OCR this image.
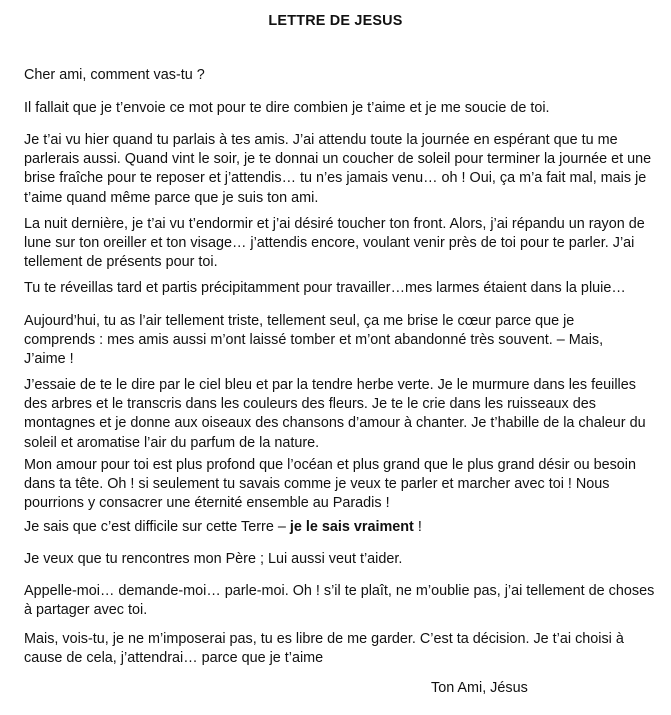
LETTRE DE JESUS

Cher ami, comment vas-tu ?

Il fallait que je t’envoie ce mot pour te dire combien je t’aime et je me soucie de toi.

Je t’ai vu hier quand tu parlais à tes amis. J’ai attendu toute la journée en espérant que tu me
parlerais aussi. Quand vint le soir, je te donnai un coucher de soleil pour terminer la journée et une
brise fraîche pour te reposer et j’attendis… tu n’es jamais venu… oh ! Oui, ça m’a fait mal, mais je
t’aime quand même parce que je suis ton ami.
La nuit dernière, je t’ai vu t’endormir et j’ai désiré toucher ton front. Alors, j’ai répandu un rayon de
lune sur ton oreiller et ton visage… j’attendis encore, voulant venir près de toi pour te parler. J’ai
tellement de présents pour toi.

Tu te réveillas tard et partis précipitamment pour travailler…mes larmes étaient dans la pluie…

Aujourd’hui, tu as l’air tellement triste, tellement seul, ça me brise le cœur parce que je
comprends : mes amis aussi m’ont laissé tomber et m’ont abandonné très souvent. – Mais,
J’aime !
J’essaie de te le dire par le ciel bleu et par la tendre herbe verte. Je le murmure dans les feuilles
des arbres et le transcris dans les couleurs des fleurs. Je te le crie dans les ruisseaux des
montagnes et je donne aux oiseaux des chansons d’amour à chanter. Je t’habille de la chaleur du
soleil et aromatise l’air du parfum de la nature.
Mon amour pour toi est plus profond que l’océan et plus grand que le plus grand désir ou besoin
dans ta tête. Oh ! si seulement tu savais comme je veux te parler et marcher avec toi ! Nous
pourrions y consacrer une éternité ensemble au Paradis !

Je sais que c’est difficile sur cette Terre – je le sais vraiment !

Je veux que tu rencontres mon Père ; Lui aussi veut t’aider.

Appelle-moi… demande-moi… parle-moi. Oh ! s’il te plaît, ne m’oublie pas, j’ai tellement de choses
à partager avec toi.
Mais, vois-tu, je ne m’imposerai pas, tu es libre de me garder. C’est ta décision. Je t’ai choisi à
cause de cela, j’attendrai… parce que je t’aime
Ton Ami, Jésus
